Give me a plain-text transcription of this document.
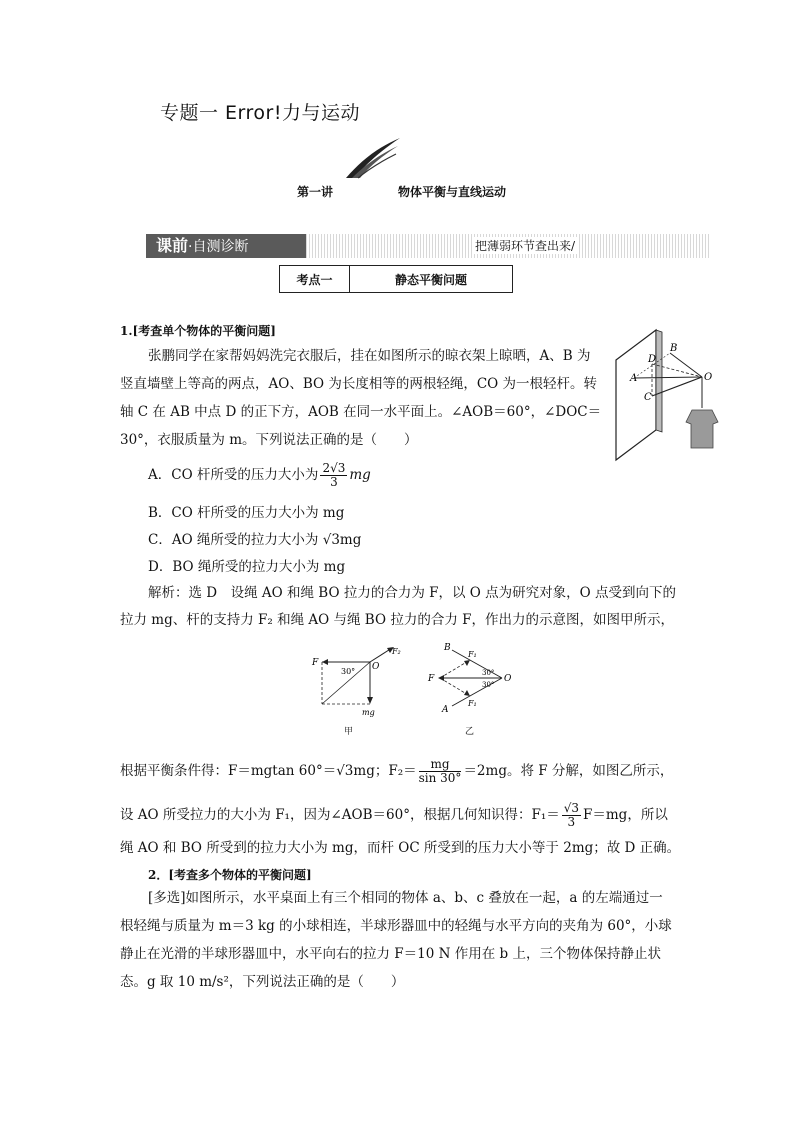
专题一 Error!力与运动
第一讲	物体平衡与直线运动
课前·自测诊断	把薄弱环节查出来/
考点一	静态平衡问题
1.[考查单个物体的平衡问题]
张鹏同学在家帮妈妈洗完衣服后，挂在如图所示的晾衣架上晾晒，A、B 为
竖直墙壁上等高的两点，AO、BO 为长度相等的两根轻绳，CO 为一根轻杆。转
轴 C 在 AB 中点 D 的正下方，AOB 在同一水平面上。∠AOB＝60°，∠DOC＝
30°，衣服质量为 m。下列说法正确的是（　　）
A
B
D
C
O
A．CO 杆所受的压力大小为 $\frac{2√3}{3}$ mg
B．CO 杆所受的压力大小为 mg
C．AO 绳所受的拉力大小为 √3mg
D．BO 绳所受的拉力大小为 mg
解析：选 D　设绳 AO 和绳 BO 拉力的合力为 F，以 O 点为研究对象，O 点受到向下的
拉力 mg、杆的支持力 F₂ 和绳 AO 与绳 BO 拉力的合力 F，作出力的示意图，如图甲所示，
F
F₂
O
30°
mg
甲
B
A
F
F₁
F₁
O
30°
30°
乙
根据平衡条件得：F＝mgtan 60°＝√3mg；$F_2= \frac{mg}{\sin 30^\circ} =2mg$。将 F 分解，如图乙所示，
设 AO 所受拉力的大小为 F₁，因为∠AOB＝60°，根据几何知识得：$F_1= \frac{√3}{3} F=mg$，所以
绳 AO 和 BO 所受到的拉力大小为 mg，而杆 OC 所受到的压力大小等于 2mg；故 D 正确。
2．[考查多个物体的平衡问题]
[多选]如图所示，水平桌面上有三个相同的物体 a、b、c 叠放在一起，a 的左端通过一
根轻绳与质量为 m＝3 kg 的小球相连，半球形器皿中的轻绳与水平方向的夹角为 60°，小球
静止在光滑的半球形器皿中，水平向右的拉力 F＝10 N 作用在 b 上，三个物体保持静止状
态。g 取 10 m/s²，下列说法正确的是（　　）
